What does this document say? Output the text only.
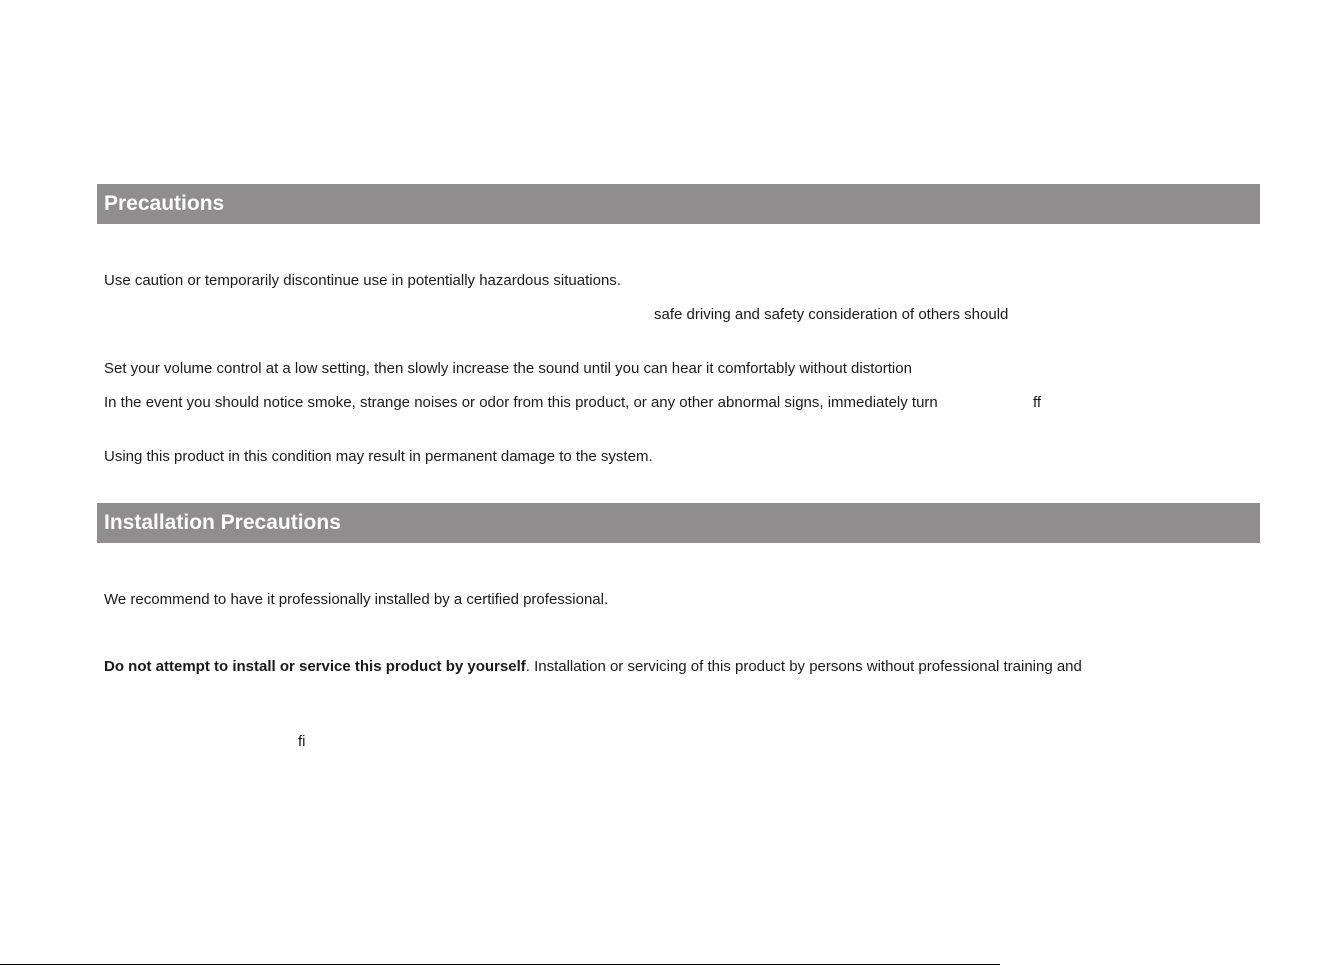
Precautions
Use caution or temporarily discontinue use in potentially hazardous situations.
safe driving and safety consideration of others should
Set your volume control at a low setting, then slowly increase the sound until you can hear it comfortably without distortion
In the event you should notice smoke, strange noises or odor from this product, or any other abnormal signs, immediately turn	ff
Using this product in this condition may result in permanent damage to the system.
Installation Precautions
We recommend to have it professionally installed by a certified professional.
Do not attempt to install or service this product by yourself. Installation or servicing of this product by persons without professional training and
fi
